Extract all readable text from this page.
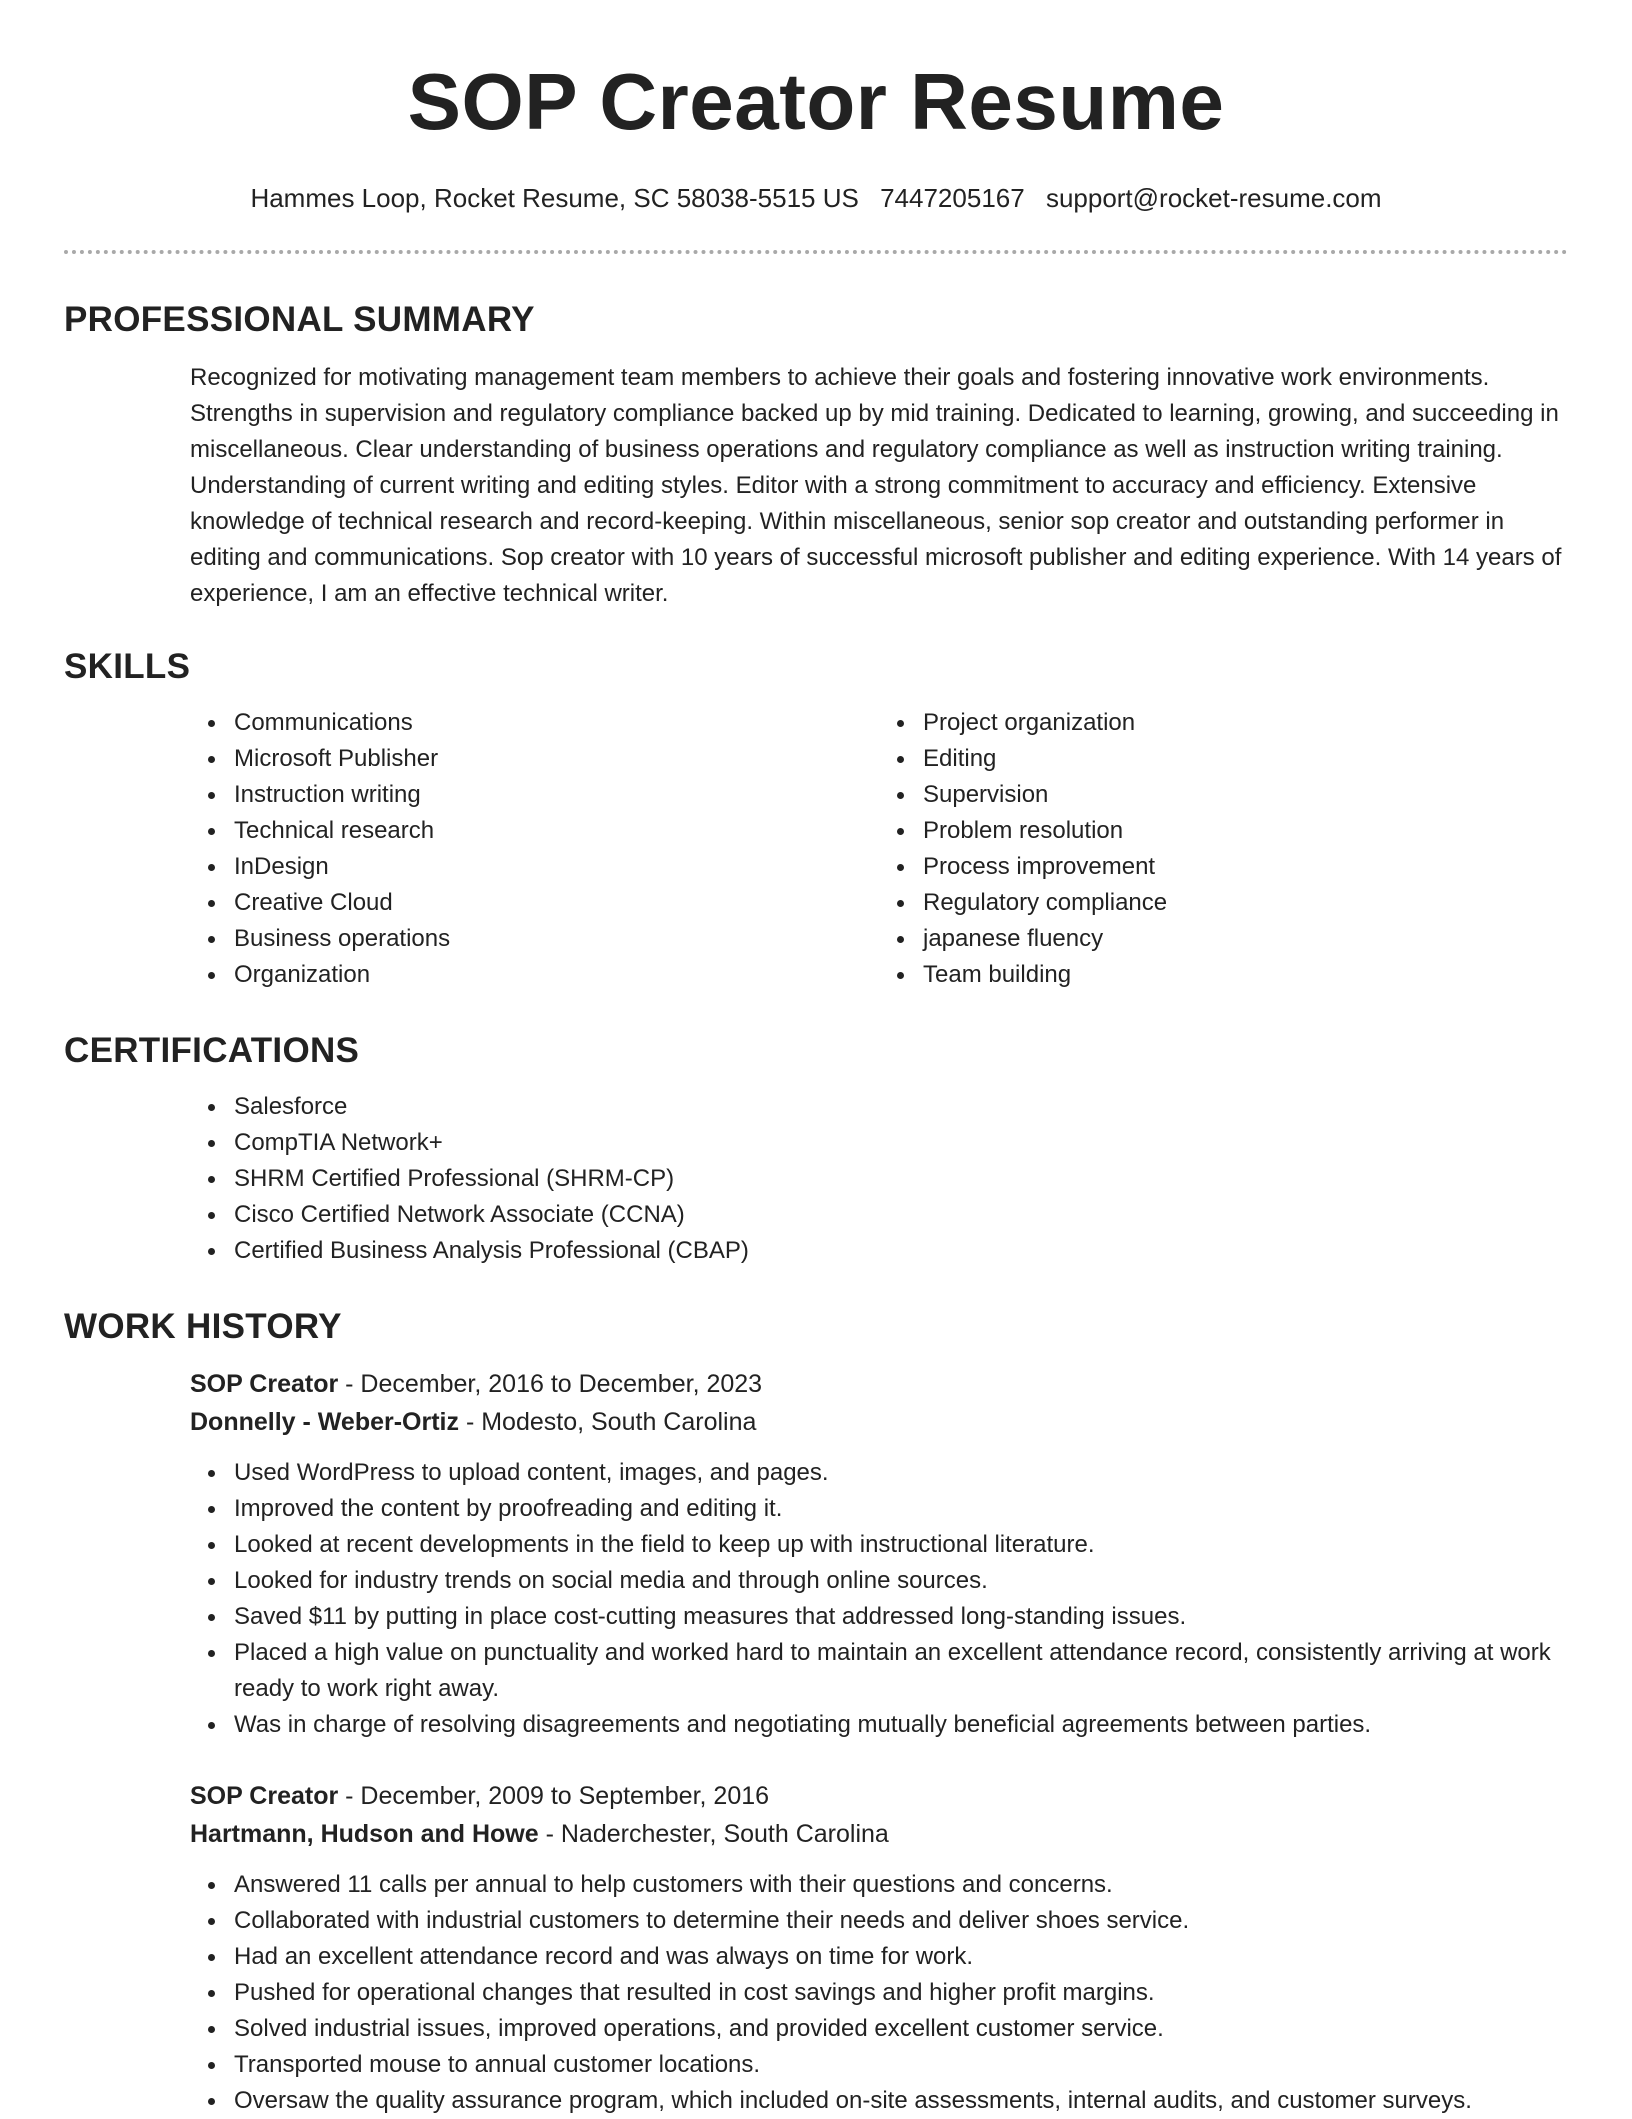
SOP Creator Resume
Hammes Loop, Rocket Resume, SC 58038-5515 US 7447205167 support@rocket-resume.com
PROFESSIONAL SUMMARY

Recognized for motivating management team members to achieve their goals and fostering innovative work environments. Strengths in supervision and regulatory compliance backed up by mid training. Dedicated to learning, growing, and succeeding in miscellaneous. Clear understanding of business operations and regulatory compliance as well as instruction writing training. Understanding of current writing and editing styles. Editor with a strong commitment to accuracy and efficiency. Extensive knowledge of technical research and record-keeping. Within miscellaneous, senior sop creator and outstanding performer in editing and communications. Sop creator with 10 years of successful microsoft publisher and editing experience. With 14 years of experience, I am an effective technical writer.

SKILLS
Communications
Microsoft Publisher
Instruction writing
Technical research
InDesign
Creative Cloud
Business operations
Organization
Project organization
Editing
Supervision
Problem resolution
Process improvement
Regulatory compliance
japanese fluency
Team building
CERTIFICATIONS
Salesforce
CompTIA Network+
SHRM Certified Professional (SHRM-CP)
Cisco Certified Network Associate (CCNA)
Certified Business Analysis Professional (CBAP)
WORK HISTORY
SOP Creator - December, 2016 to December, 2023
Donnelly - Weber-Ortiz - Modesto, South Carolina
Used WordPress to upload content, images, and pages.
Improved the content by proofreading and editing it.
Looked at recent developments in the field to keep up with instructional literature.
Looked for industry trends on social media and through online sources.
Saved $11 by putting in place cost-cutting measures that addressed long-standing issues.
Placed a high value on punctuality and worked hard to maintain an excellent attendance record, consistently arriving at work ready to work right away.
Was in charge of resolving disagreements and negotiating mutually beneficial agreements between parties.
SOP Creator - December, 2009 to September, 2016
Hartmann, Hudson and Howe - Naderchester, South Carolina
Answered 11 calls per annual to help customers with their questions and concerns.
Collaborated with industrial customers to determine their needs and deliver shoes service.
Had an excellent attendance record and was always on time for work.
Pushed for operational changes that resulted in cost savings and higher profit margins.
Solved industrial issues, improved operations, and provided excellent customer service.
Transported mouse to annual customer locations.
Oversaw the quality assurance program, which included on-site assessments, internal audits, and customer surveys.
